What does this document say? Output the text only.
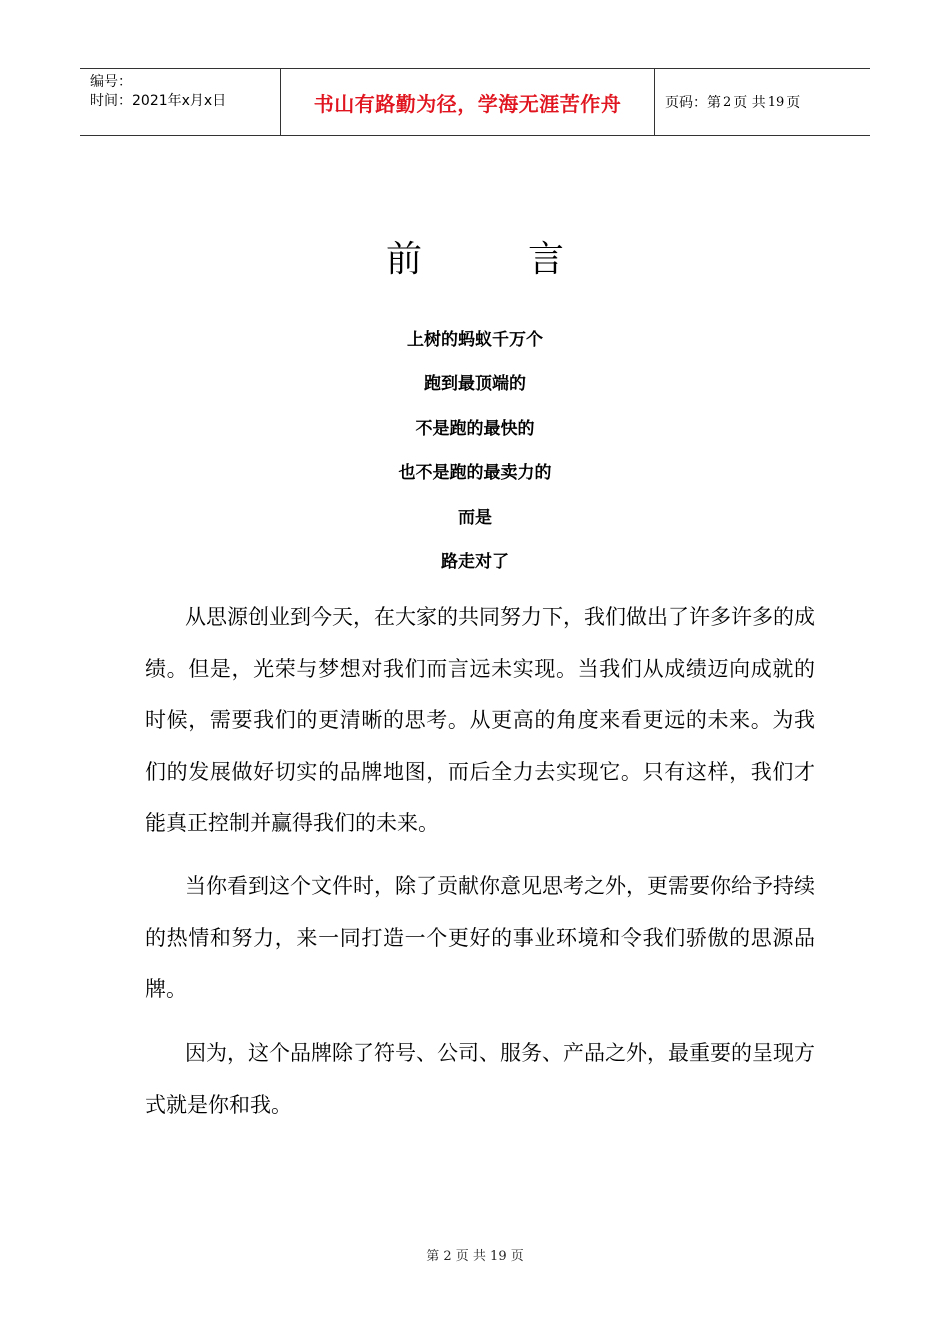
编号：
时间：2021年x月x日	书山有路勤为径，学海无涯苦作舟	页码：第 2 页 共 19 页
前	言
上树的蚂蚁千万个
跑到最顶端的
不是跑的最快的
也不是跑的最卖力的
而是
路走对了

从思源创业到今天，在大家的共同努力下，我们做出了许多许多的成绩。但是，光荣与梦想对我们而言远未实现。当我们从成绩迈向成就的时候，需要我们的更清晰的思考。从更高的角度来看更远的未来。为我们的发展做好切实的品牌地图，而后全力去实现它。只有这样，我们才能真正控制并赢得我们的未来。

当你看到这个文件时，除了贡献你意见思考之外，更需要你给予持续的热情和努力，来一同打造一个更好的事业环境和令我们骄傲的思源品牌。

因为，这个品牌除了符号、公司、服务、产品之外，最重要的呈现方式就是你和我。

第 2 页 共 19 页
